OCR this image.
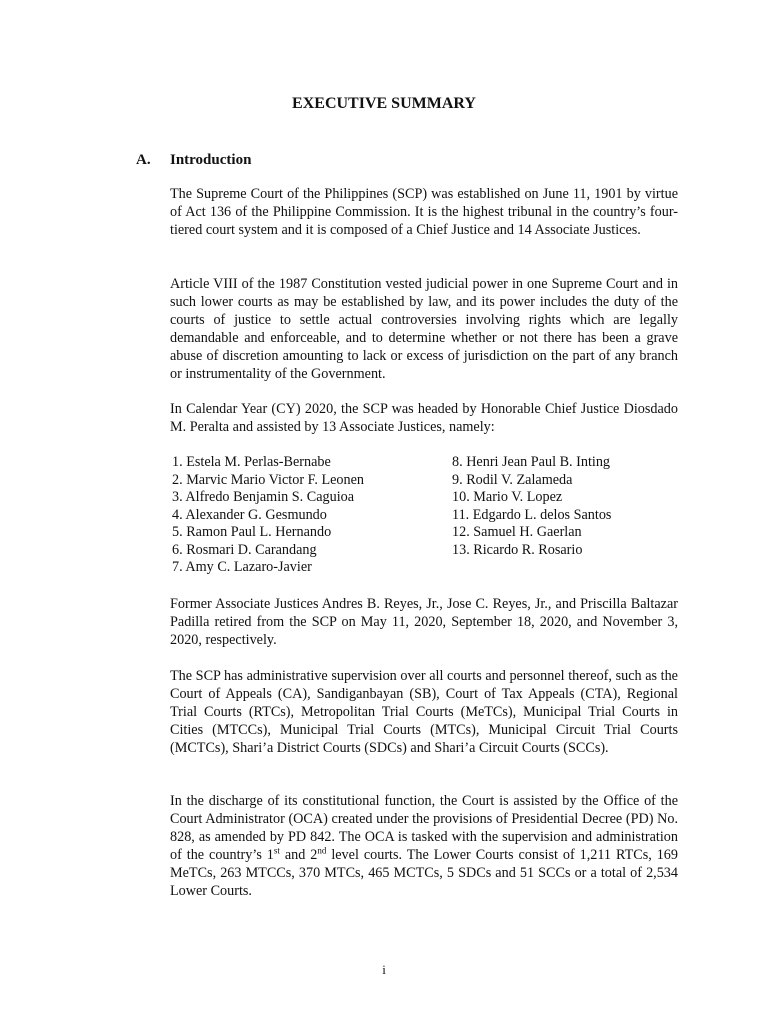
EXECUTIVE SUMMARY
A. Introduction

The Supreme Court of the Philippines (SCP) was established on June 11, 1901 by virtue of Act 136 of the Philippine Commission. It is the highest tribunal in the country’s four-tiered court system and it is composed of a Chief Justice and 14 Associate Justices.

Article VIII of the 1987 Constitution vested judicial power in one Supreme Court and in such lower courts as may be established by law, and its power includes the duty of the courts of justice to settle actual controversies involving rights which are legally demandable and enforceable, and to determine whether or not there has been a grave abuse of discretion amounting to lack or excess of jurisdiction on the part of any branch or instrumentality of the Government.

In Calendar Year (CY) 2020, the SCP was headed by Honorable Chief Justice Diosdado M. Peralta and assisted by 13 Associate Justices, namely:

1. Estela M. Perlas-Bernabe
2. Marvic Mario Victor F. Leonen
3. Alfredo Benjamin S. Caguioa
4. Alexander G. Gesmundo
5. Ramon Paul L. Hernando
6. Rosmari D. Carandang
7. Amy C. Lazaro-Javier
8. Henri Jean Paul B. Inting
9. Rodil V. Zalameda
10. Mario V. Lopez
11. Edgardo L. delos Santos
12. Samuel H. Gaerlan
13. Ricardo R. Rosario

Former Associate Justices Andres B. Reyes, Jr., Jose C. Reyes, Jr., and Priscilla Baltazar Padilla retired from the SCP on May 11, 2020, September 18, 2020, and November 3, 2020, respectively.

The SCP has administrative supervision over all courts and personnel thereof, such as the Court of Appeals (CA), Sandiganbayan (SB), Court of Tax Appeals (CTA), Regional Trial Courts (RTCs), Metropolitan Trial Courts (MeTCs), Municipal Trial Courts in Cities (MTCCs), Municipal Trial Courts (MTCs), Municipal Circuit Trial Courts (MCTCs), Shari’a District Courts (SDCs) and Shari’a Circuit Courts (SCCs).

In the discharge of its constitutional function, the Court is assisted by the Office of the Court Administrator (OCA) created under the provisions of Presidential Decree (PD) No. 828, as amended by PD 842. The OCA is tasked with the supervision and administration of the country’s 1st and 2nd level courts. The Lower Courts consist of 1,211 RTCs, 169 MeTCs, 263 MTCCs, 370 MTCs, 465 MCTCs, 5 SDCs and 51 SCCs or a total of 2,534 Lower Courts.

i
